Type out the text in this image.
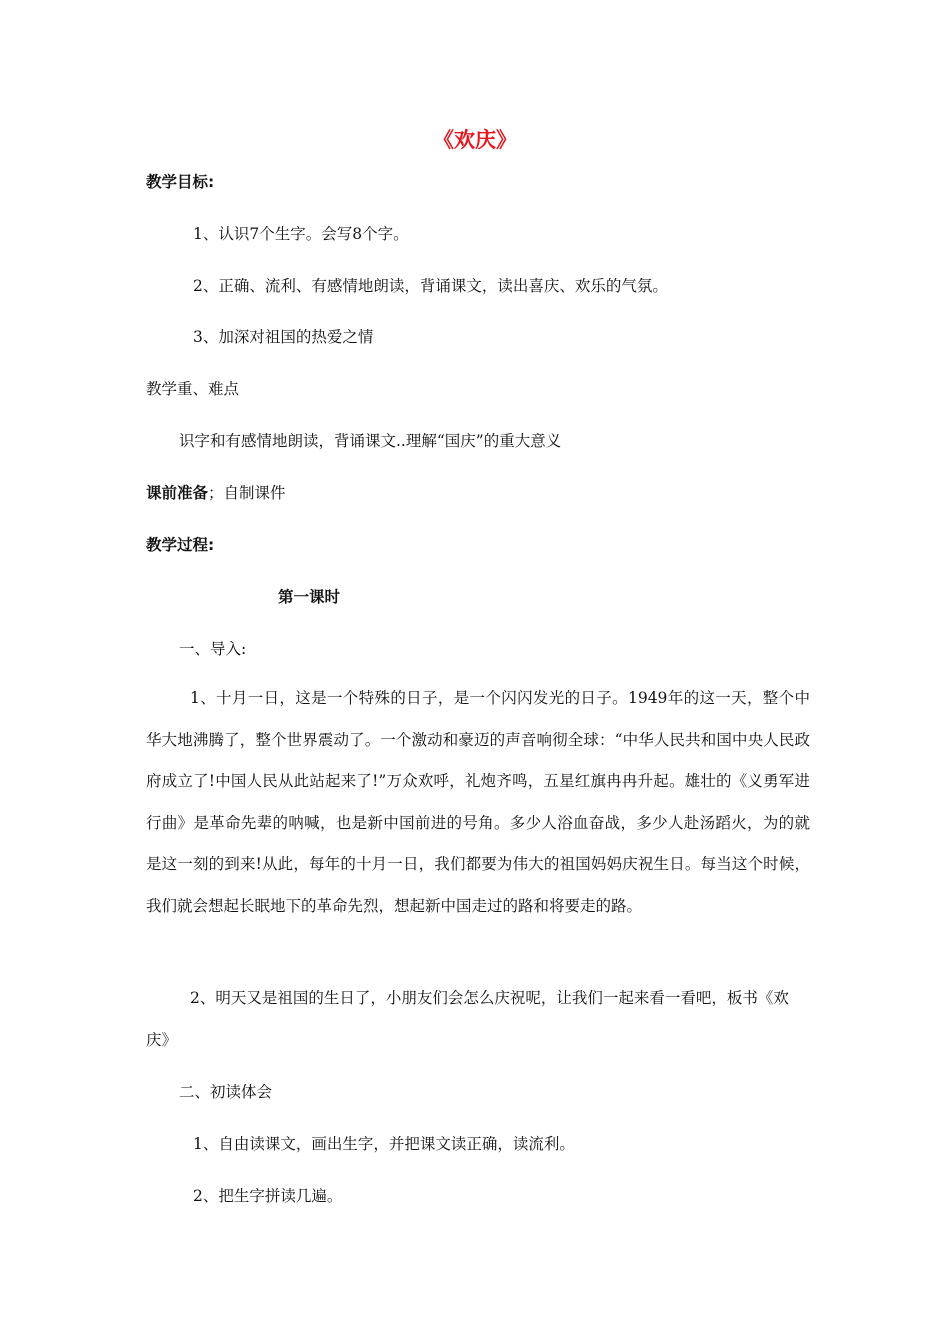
《欢庆》
教学目标:
1、认识7个生字。会写8个字。
2、正确、流利、有感情地朗读，背诵课文，读出喜庆、欢乐的气氛。
3、加深对祖国的热爱之情
教学重、难点
识字和有感情地朗读，背诵课文..理解“国庆”的重大意义
课前准备；自制课件
教学过程:
第一课时
一、导入:
1、十月一日，这是一个特殊的日子，是一个闪闪发光的日子。1949年的这一天，整个中华大地沸腾了，整个世界震动了。一个激动和豪迈的声音响彻全球：“中华人民共和国中央人民政府成立了!中国人民从此站起来了!”万众欢呼，礼炮齐鸣，五星红旗冉冉升起。雄壮的《义勇军进行曲》是革命先辈的呐喊，也是新中国前进的号角。多少人浴血奋战，多少人赴汤蹈火，为的就是这一刻的到来!从此，每年的十月一日，我们都要为伟大的祖国妈妈庆祝生日。每当这个时候，我们就会想起长眠地下的革命先烈，想起新中国走过的路和将要走的路。
2、明天又是祖国的生日了，小朋友们会怎么庆祝呢，让我们一起来看一看吧，板书《欢庆》
二、初读体会
1、自由读课文，画出生字，并把课文读正确，读流利。
2、把生字拼读几遍。
